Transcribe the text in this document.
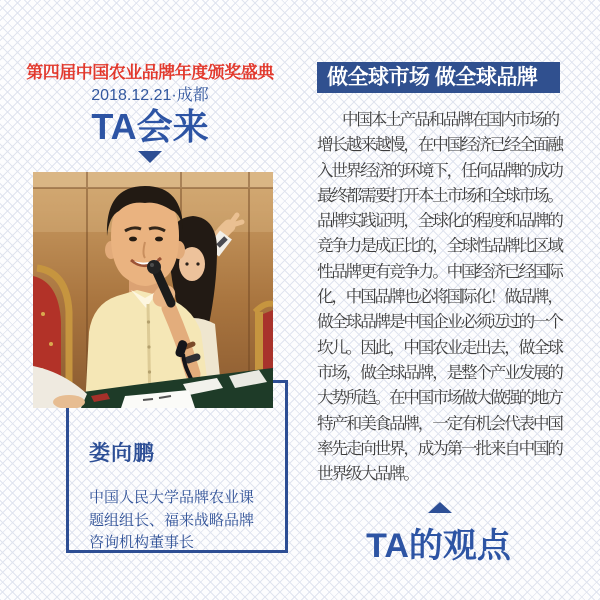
第四届中国农业品牌年度颁奖盛典
2018.12.21·成都
TA会来
娄向鹏
中国人民大学品牌农业课
题组组长、福来战略品牌
咨询机构董事长
做全球市场 做全球品牌
中国本土产品和品牌在国内市场的
增长越来越慢，在中国经济已经全面融
入世界经济的环境下，任何品牌的成功
最终都需要打开本土市场和全球市场。
品牌实践证明，全球化的程度和品牌的
竞争力是成正比的，全球性品牌比区域
性品牌更有竞争力。中国经济已经国际
化，中国品牌也必将国际化！做品牌，
做全球品牌是中国企业必须迈过的一个
坎儿。因此，中国农业走出去，做全球
市场，做全球品牌，是整个产业发展的
大势所趋。在中国市场做大做强的地方
特产和美食品牌，一定有机会代表中国
率先走向世界，成为第一批来自中国的
世界级大品牌。
TA的观点
